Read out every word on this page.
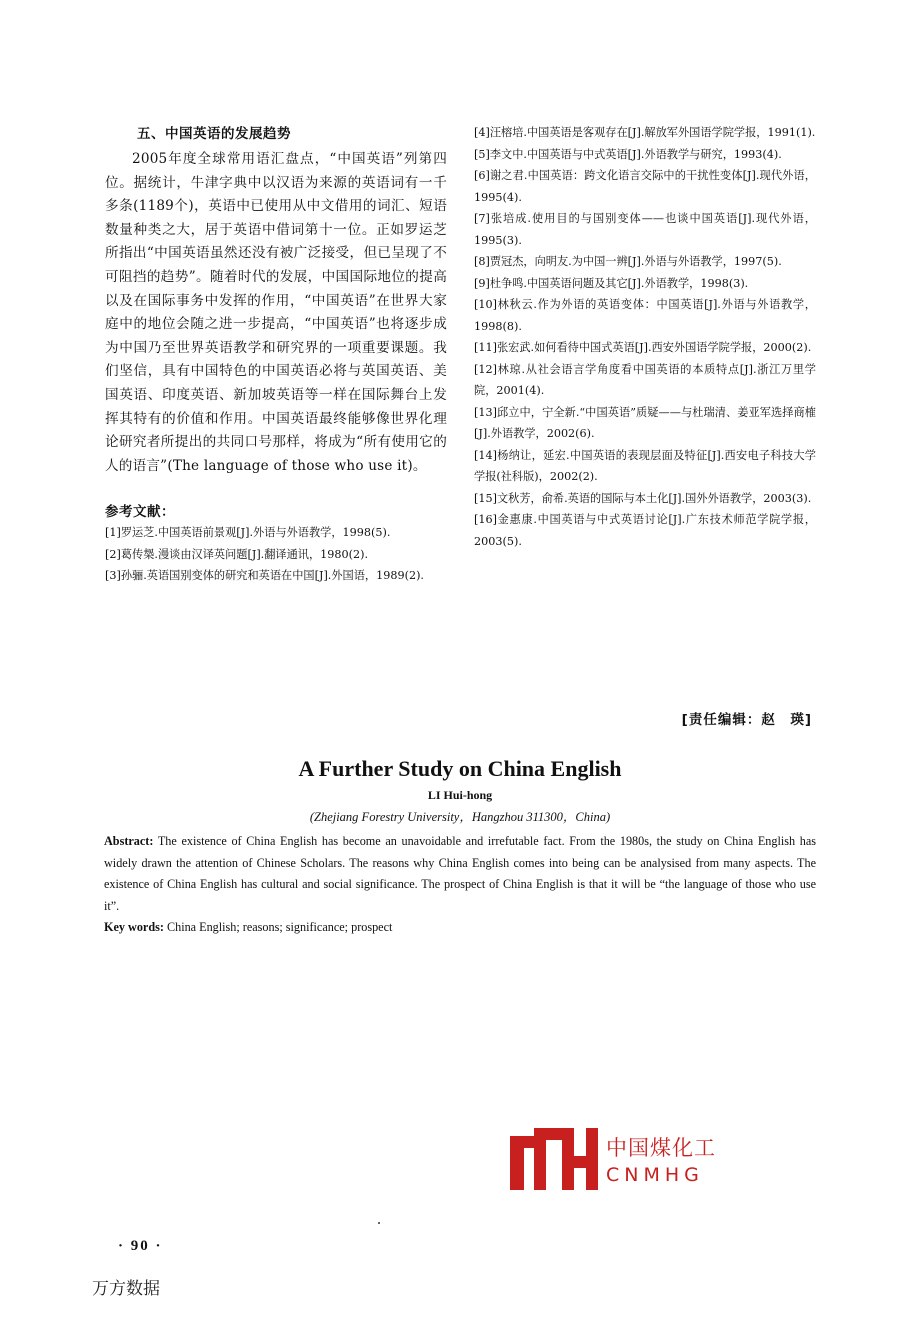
五、中国英语的发展趋势

2005年度全球常用语汇盘点，“中国英语”列第四位。据统计，牛津字典中以汉语为来源的英语词有一千多条(1189个)，英语中已使用从中文借用的词汇、短语数量种类之大，居于英语中借词第十一位。正如罗运芝所指出“中国英语虽然还没有被广泛接受，但已呈现了不可阻挡的趋势”。随着时代的发展，中国国际地位的提高以及在国际事务中发挥的作用，“中国英语”在世界大家庭中的地位会随之进一步提高，“中国英语”也将逐步成为中国乃至世界英语教学和研究界的一项重要课题。我们坚信，具有中国特色的中国英语必将与英国英语、美国英语、印度英语、新加坡英语等一样在国际舞台上发挥其特有的价值和作用。中国英语最终能够像世界化理论研究者所提出的共同口号那样，将成为“所有使用它的人的语言”(The language of those who use it)。

参考文献：

[1]罗运芝.中国英语前景观[J].外语与外语教学，1998(5).

[2]葛传椝.漫谈由汉译英问题[J].翻译通讯，1980(2).

[3]孙骊.英语国别变体的研究和英语在中国[J].外国语，1989(2).

[4]汪榕培.中国英语是客观存在[J].解放军外国语学院学报，1991(1).

[5]李文中.中国英语与中式英语[J].外语教学与研究，1993(4).

[6]谢之君.中国英语：跨文化语言交际中的干扰性变体[J].现代外语，1995(4).

[7]张培成.使用目的与国别变体——也谈中国英语[J].现代外语，1995(3).

[8]贾冠杰，向明友.为中国一辨[J].外语与外语教学，1997(5).

[9]杜争鸣.中国英语问题及其它[J].外语教学，1998(3).

[10]林秋云.作为外语的英语变体：中国英语[J].外语与外语教学，1998(8).

[11]张宏武.如何看待中国式英语[J].西安外国语学院学报，2000(2).

[12]林琼.从社会语言学角度看中国英语的本质特点[J].浙江万里学院，2001(4).

[13]邱立中，宁全新.“中国英语”质疑——与杜瑞清、姜亚军选择商榷[J].外语教学，2002(6).

[14]杨纳让，延宏.中国英语的表现层面及特征[J].西安电子科技大学学报(社科版)，2002(2).

[15]文秋芳，俞希.英语的国际与本土化[J].国外外语教学，2003(3).

[16]金惠康.中国英语与中式英语讨论[J].广东技术师范学院学报，2003(5).

[责任编辑：赵　瑛]
A Further Study on China English
LI Hui-hong
(Zhejiang Forestry University，Hangzhou 311300，China)

Abstract: The existence of China English has become an unavoidable and irrefutable fact. From the 1980s, the study on China English has widely drawn the attention of Chinese Scholars. The reasons why China English comes into being can be analysised from many aspects. The existence of China English has cultural and social significance. The prospect of China English is that it will be “the language of those who use it”.

Key words: China English; reasons; significance; prospect

中国煤化工
CNMHG
· 90 ·
万方数据
